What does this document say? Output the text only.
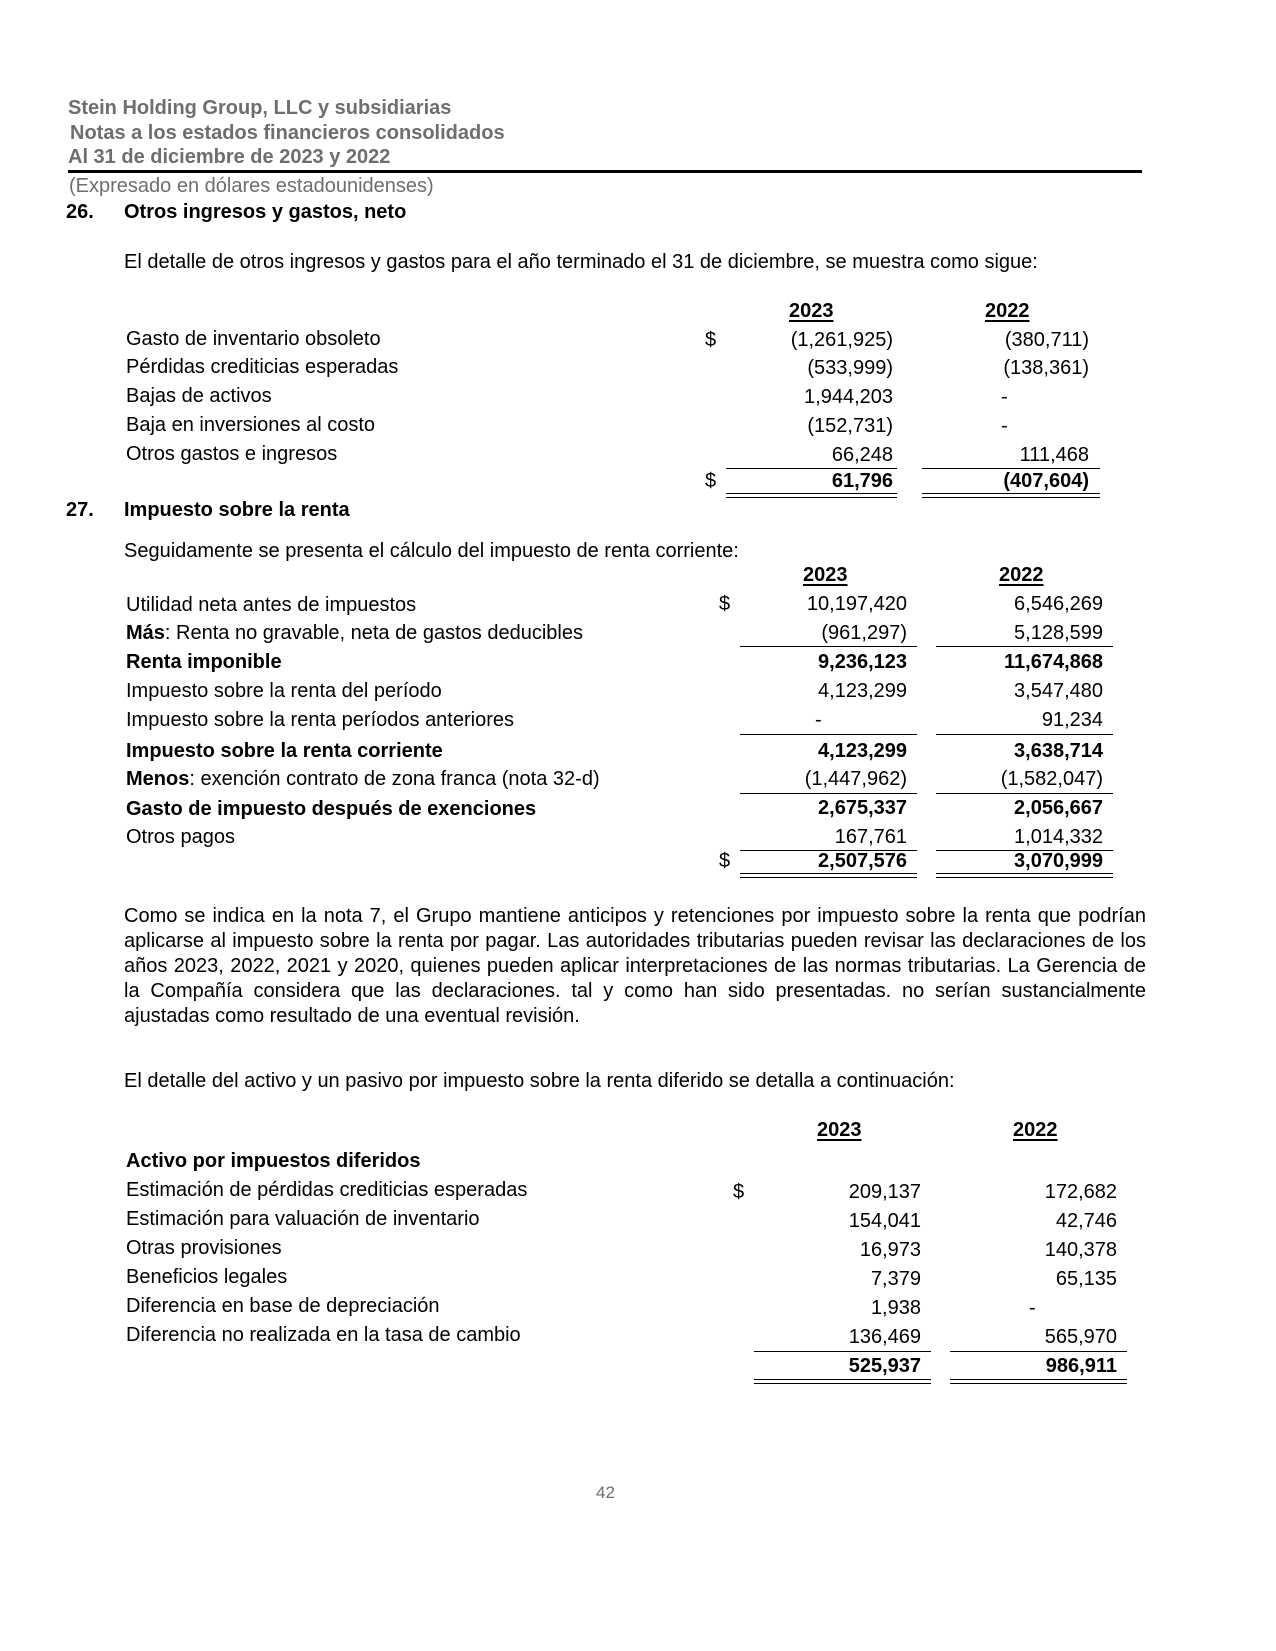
Stein Holding Group, LLC y subsidiarias
Notas a los estados financieros consolidados
Al 31 de diciembre de 2023 y 2022
(Expresado en dólares estadounidenses)
26. Otros ingresos y gastos, neto
El detalle de otros ingresos y gastos para el año terminado el 31 de diciembre, se muestra como sigue:
2023	2022
Gasto de inventario obsoleto	$	(1,261,925)	(380,711)
Pérdidas crediticias esperadas	(533,999)	(138,361)
Bajas de activos	1,944,203	-
Baja en inversiones al costo	(152,731)	-
Otros gastos e ingresos	66,248	111,468
$	61,796	(407,604)
27. Impuesto sobre la renta
Seguidamente se presenta el cálculo del impuesto de renta corriente:
2023	2022
Utilidad neta antes de impuestos	$	10,197,420	6,546,269
Más: Renta no gravable, neta de gastos deducibles	(961,297)	5,128,599
Renta imponible	9,236,123	11,674,868
Impuesto sobre la renta del período	4,123,299	3,547,480
Impuesto sobre la renta períodos anteriores	-	91,234
Impuesto sobre la renta corriente	4,123,299	3,638,714
Menos: exención contrato de zona franca (nota 32-d)	(1,447,962)	(1,582,047)
Gasto de impuesto después de exenciones	2,675,337	2,056,667
Otros pagos	167,761	1,014,332
$	2,507,576	3,070,999
Como se indica en la nota 7, el Grupo mantiene anticipos y retenciones por impuesto sobre la renta que podrían aplicarse al impuesto sobre la renta por pagar. Las autoridades tributarias pueden revisar las declaraciones de los años 2023, 2022, 2021 y 2020, quienes pueden aplicar interpretaciones de las normas tributarias. La Gerencia de la Compañía considera que las declaraciones. tal y como han sido presentadas. no serían sustancialmente ajustadas como resultado de una eventual revisión.
El detalle del activo y un pasivo por impuesto sobre la renta diferido se detalla a continuación:
2023	2022
Activo por impuestos diferidos
Estimación de pérdidas crediticias esperadas	$	209,137	172,682
Estimación para valuación de inventario	154,041	42,746
Otras provisiones	16,973	140,378
Beneficios legales	7,379	65,135
Diferencia en base de depreciación	1,938	-
Diferencia no realizada en la tasa de cambio	136,469	565,970
525,937	986,911
42
